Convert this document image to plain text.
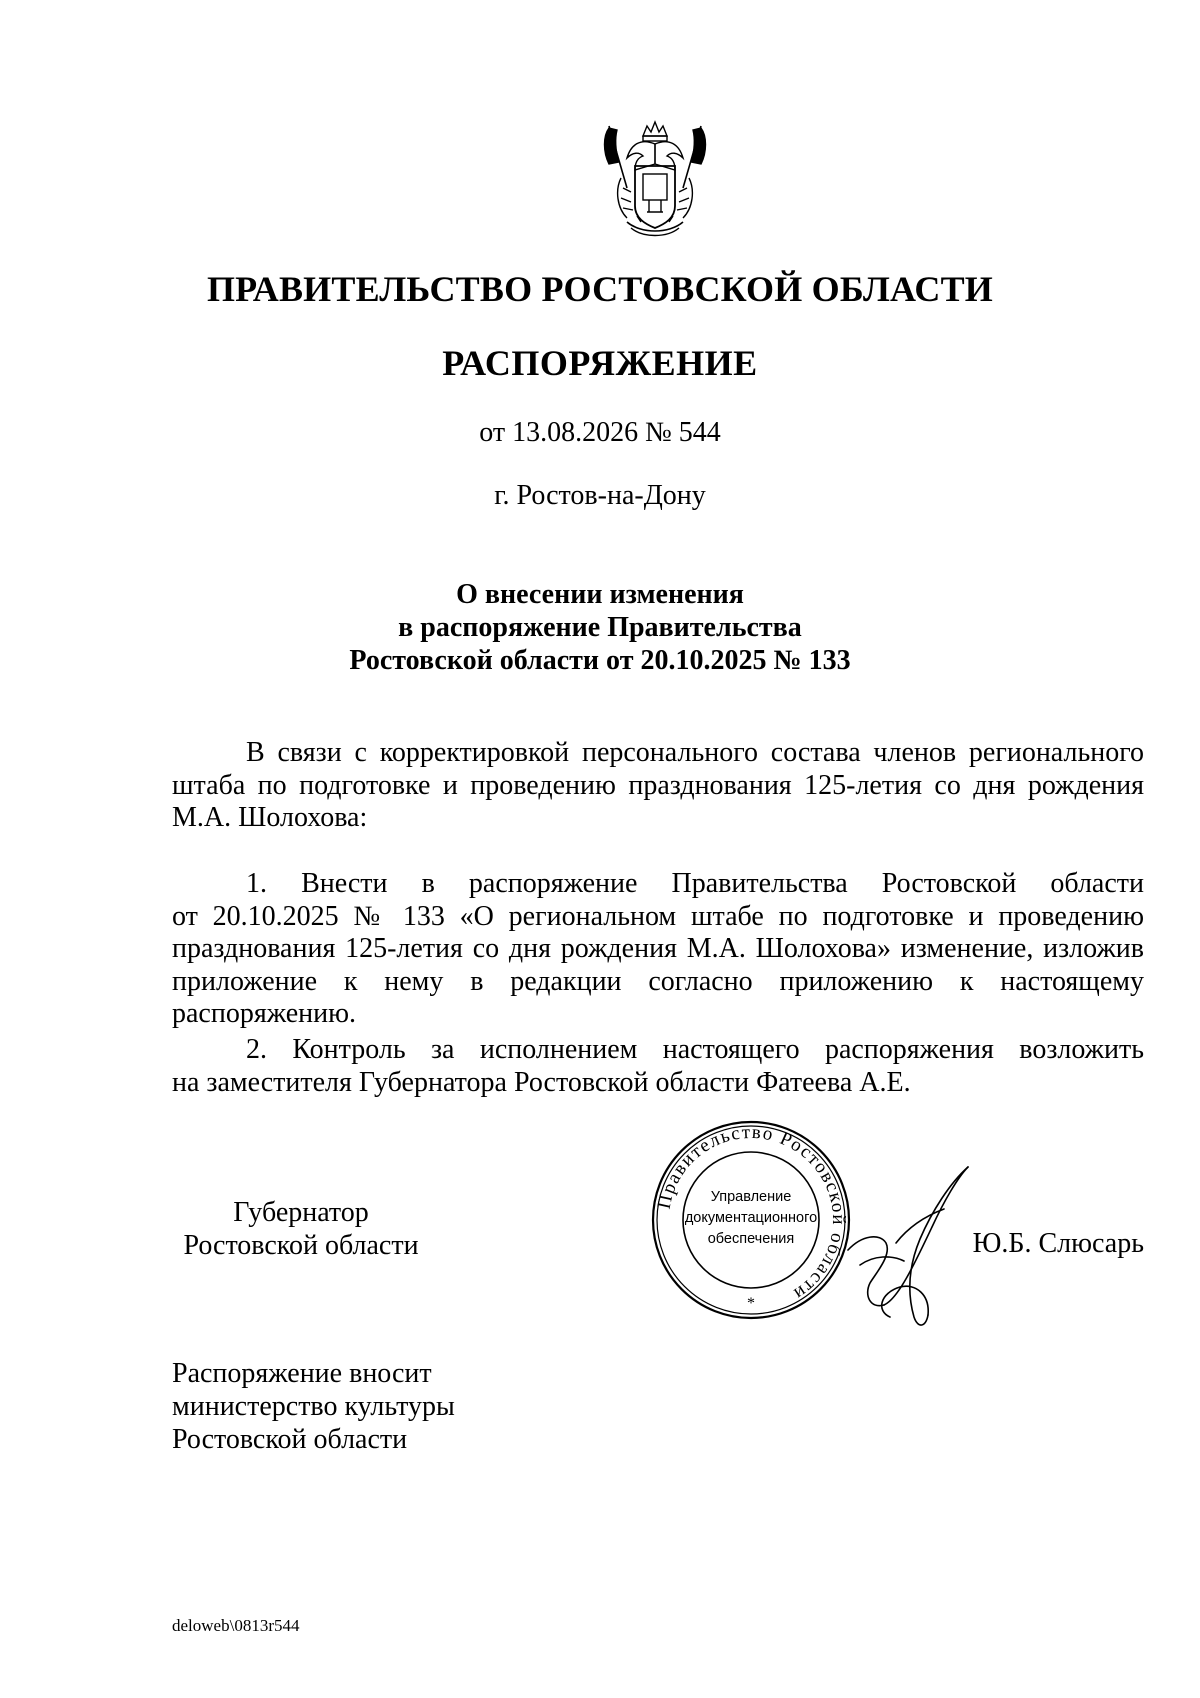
ПРАВИТЕЛЬСТВО РОСТОВСКОЙ ОБЛАСТИ
РАСПОРЯЖЕНИЕ
от 13.08.2026 № 544
г. Ростов-на-Дону
О внесении изменения
в распоряжение Правительства
Ростовской области от 20.10.2025 № 133
В связи с корректировкой персонального состава членов регионального
штаба по подготовке и проведению празднования 125-летия со дня рождения
М.А. Шолохова:
1. Внести в распоряжение Правительства Ростовской области
от 20.10.2025 № 133 «О региональном штабе по подготовке и проведению
празднования 125-летия со дня рождения М.А. Шолохова» изменение, изложив
приложение к нему в редакции согласно приложению к настоящему
распоряжению.
2. Контроль за исполнением настоящего распоряжения возложить
на заместителя Губернатора Ростовской области Фатеева А.Е.
Губернатор
Ростовской области
Правительство Ростовской области
Управление
документационного
обеспечения
*
Ю.Б. Слюсарь
Распоряжение вносит
министерство культуры
Ростовской области
deloweb\0813r544
